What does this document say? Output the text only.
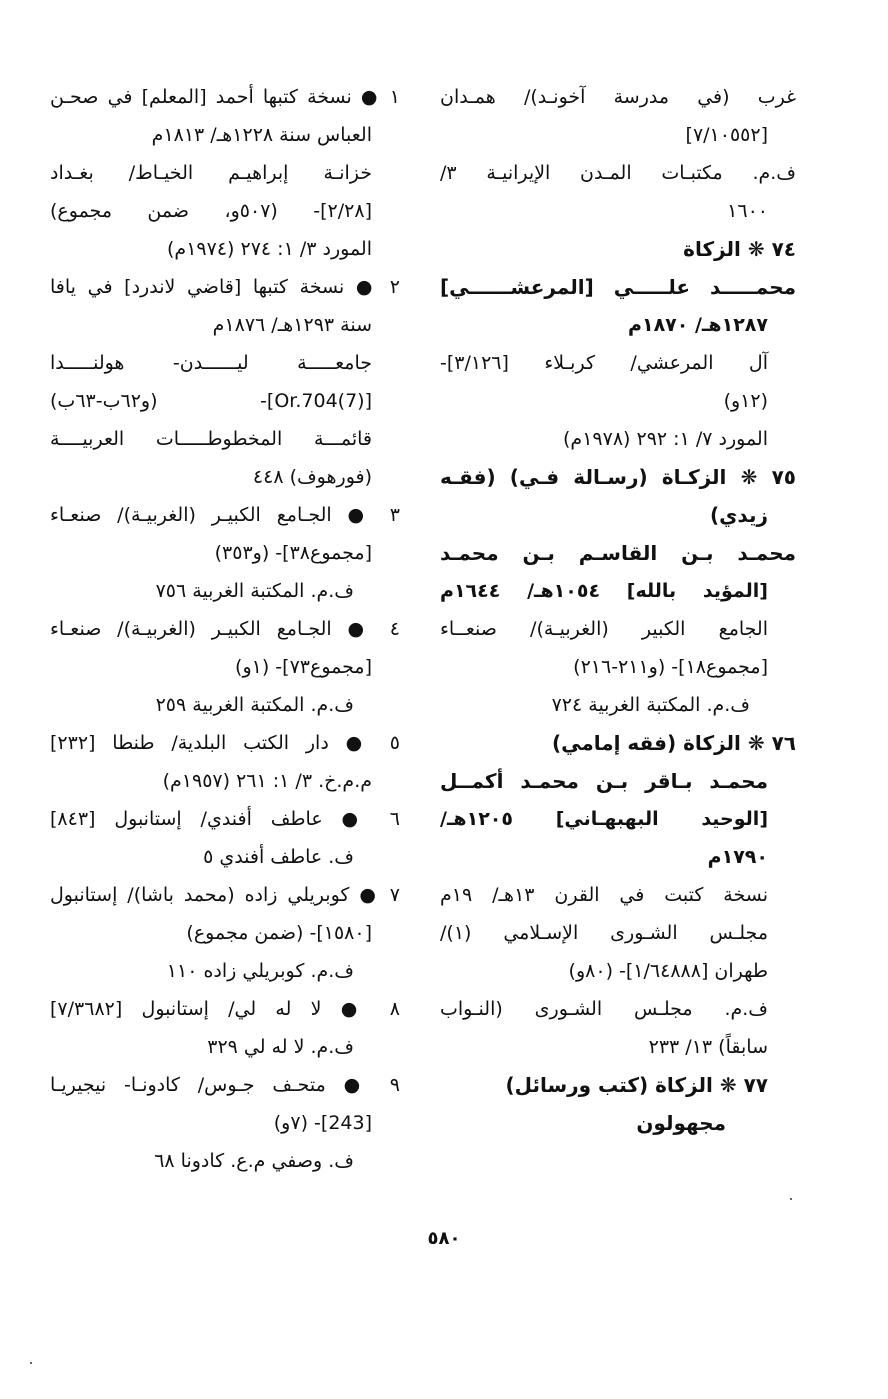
غرب (في مدرسة آخونـد)/ همـدان
[٧/١٠٥٥٢]
ف.م. مكتبـات المـدن الإيرانيـة ٣/
١٦٠٠
٧٤ ❋ الزكاة
محمـــــد علـــــي [المرعشــــــي]
١٢٨٧هـ/ ١٨٧٠م
آل المرعشي/ كربـلاء [٣/١٢٦]-
(١٢و)
المورد ٧/ ١: ٢٩٢ (١٩٧٨م)
٧٥ ❋ الزكـاة (رسـالة فـي) (فقـه
زيدي)
محمـد بـن القاسـم بـن محمـد
[المؤيد بالله] ١٠٥٤هـ/ ١٦٤٤م
الجامع الكبير (الغربيـة)/ صنعــاء
[مجموع١٨]- (و٢١١-٢١٦)
ف.م. المكتبة الغربية ٧٢٤
٧٦ ❋ الزكاة (فقه إمامي)
محمـد بـاقر بـن محمـد أكمــل
[الوحيد البهبهـاني] ١٢٠٥هـ/
١٧٩٠م
نسخة كتبت في القرن ١٣هـ/ ١٩م
مجلـس الشـورى الإسـلامي (١)/
طهران [١/٦٤٨٨٨]- (٨٠و)
ف.م. مجلـس الشـورى (النـواب
سابقاً) ١٣/ ٢٣٣
٧٧ ❋ الزكاة (كتب ورسائل)
مجهولون
١ ● نسخة كتبها أحمد [المعلم] في صحـن
العباس سنة ١٢٢٨هـ/ ١٨١٣م
خزانـة إبراهيـم الخيـاط/ بغـداد
[٢/٢٨]- (٥٠٧و، ضمن مجموع)
المورد ٣/ ١: ٢٧٤ (١٩٧٤م)
٢ ● نسخة كتبها [قاضي لاندرد] في يافا
سنة ١٢٩٣هـ/ ١٨٧٦م
جامعـــــة ليــــــدن- هولنـــــدا
[Or.704(7)]- (و٦٢ب-٦٣ب)
قائمـــة المخطوطـــــات العربيــــة
(فورهوف) ٤٤٨
٣ ● الجـامع الكبيـر (الغربيـة)/ صنعـاء
[مجموع٣٨]- (و٣٥٣)
ف.م. المكتبة الغربية ٧٥٦
٤ ● الجـامع الكبيـر (الغربيـة)/ صنعـاء
[مجموع٧٣]- (١و)
ف.م. المكتبة الغربية ٢٥٩
٥ ● دار الكتب البلدية/ طنطا [٢٣٢]
م.م.خ. ٣/ ١: ٢٦١ (١٩٥٧م)
٦ ● عاطف أفندي/ إستانبول [٨٤٣]
ف. عاطف أفندي ٥
٧ ● كوبريلي زاده (محمد باشا)/ إستانبول
[١٥٨٠]- (ضمن مجموع)
ف.م. كوبريلي زاده ١١٠
٨ ● لا له لي/ إستانبول [٧/٣٦٨٢]
ف.م. لا له لي ٣٢٩
٩ ● متحـف جـوس/ كادونـا- نيجيريـا
[243]- (٧و)
ف. وصفي م.ع. كادونا ٦٨
٥٨٠
